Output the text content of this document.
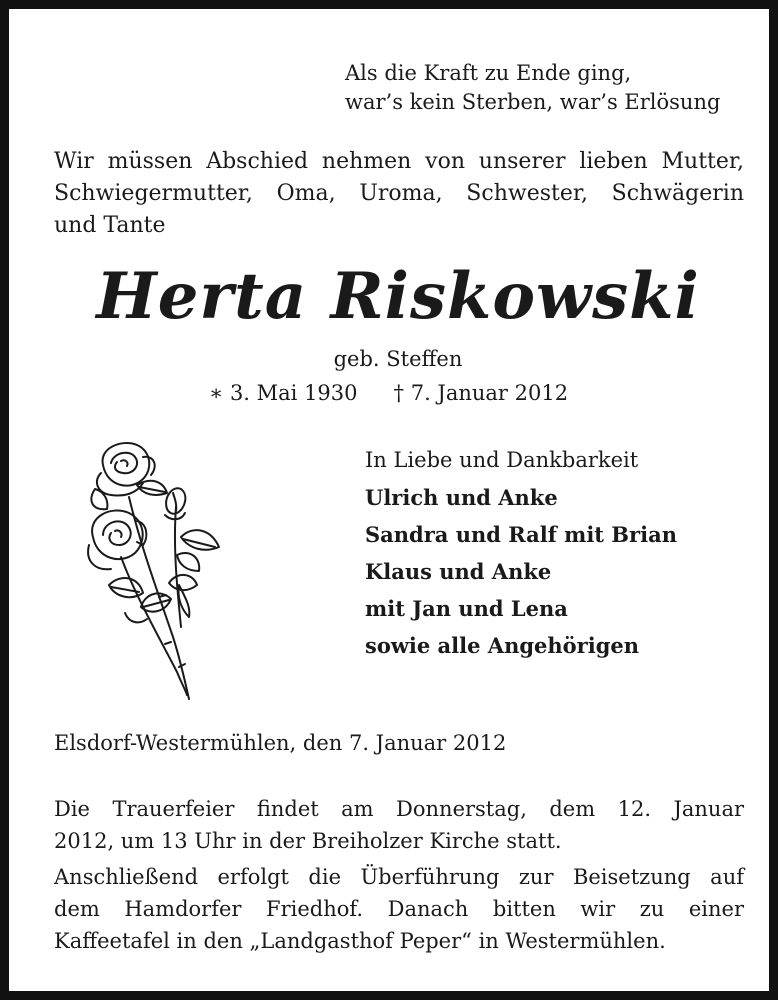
Als die Kraft zu Ende ging,
war’s kein Sterben, war’s Erlösung
Wir müssen Abschied nehmen von unserer lieben Mutter,
Schwiegermutter, Oma, Uroma, Schwester, Schwägerin
und Tante
Herta Riskowski
geb. Steffen
∗ 3. Mai 1930 † 7. Januar 2012
In Liebe und Dankbarkeit
Ulrich und Anke
Sandra und Ralf mit Brian
Klaus und Anke
mit Jan und Lena
sowie alle Angehörigen
Elsdorf-Westermühlen, den 7. Januar 2012
Die Trauerfeier findet am Donnerstag, dem 12. Januar
2012, um 13 Uhr in der Breiholzer Kirche statt.
Anschließend erfolgt die Überführung zur Beisetzung auf
dem Hamdorfer Friedhof. Danach bitten wir zu einer
Kaffeetafel in den „Landgasthof Peper“ in Westermühlen.
